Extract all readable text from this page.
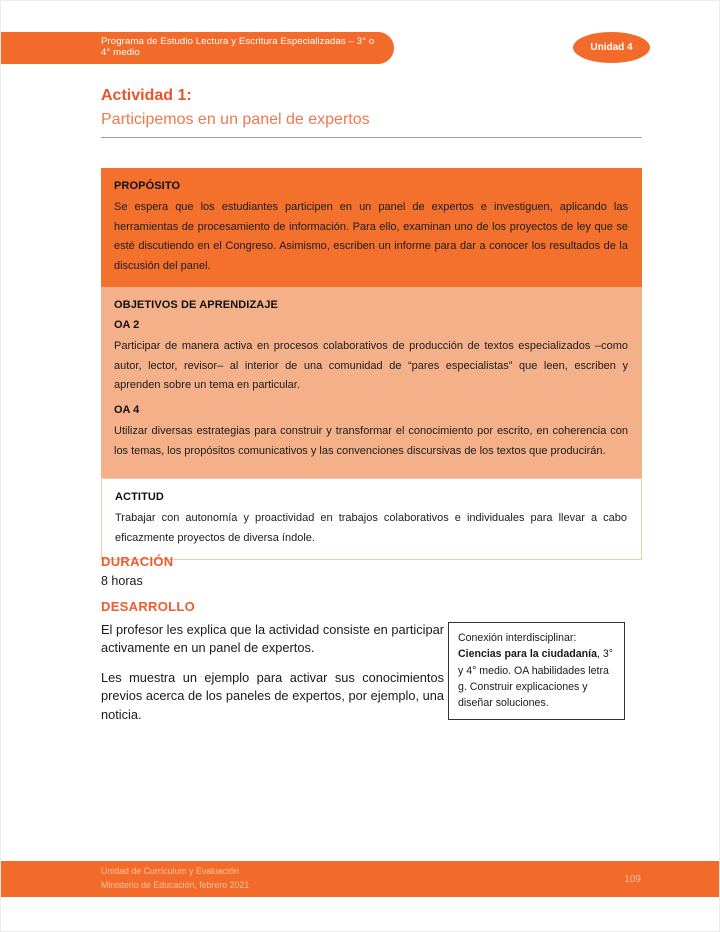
Programa de Estudio Lectura y Escritura Especializadas – 3° o 4° medio	Unidad 4
Actividad 1:
Participemos en un panel de expertos
PROPÓSITO

Se espera que los estudiantes participen en un panel de expertos e investiguen, aplicando las herramientas de procesamiento de información. Para ello, examinan uno de los proyectos de ley que se esté discutiendo en el Congreso. Asimismo, escriben un informe para dar a conocer los resultados de la discusión del panel.

OBJETIVOS DE APRENDIZAJE
OA 2

Participar de manera activa en procesos colaborativos de producción de textos especializados –como autor, lector, revisor– al interior de una comunidad de “pares especialistas” que leen, escriben y aprenden sobre un tema en particular.

OA 4

Utilizar diversas estrategias para construir y transformar el conocimiento por escrito, en coherencia con los temas, los propósitos comunicativos y las convenciones discursivas de los textos que producirán.

ACTITUD

Trabajar con autonomía y proactividad en trabajos colaborativos e individuales para llevar a cabo eficazmente proyectos de diversa índole.

DURACIÓN
8 horas
DESARROLLO

El profesor les explica que la actividad consiste en participar activamente en un panel de expertos.

Les muestra un ejemplo para activar sus conocimientos previos acerca de los paneles de expertos, por ejemplo, una noticia.

Conexión interdisciplinar: Ciencias para la ciudadanía, 3° y 4° medio. OA habilidades letra g. Construir explicaciones y diseñar soluciones.
Unidad de Currículum y Evaluación
Ministerio de Educación, febrero 2021
109
